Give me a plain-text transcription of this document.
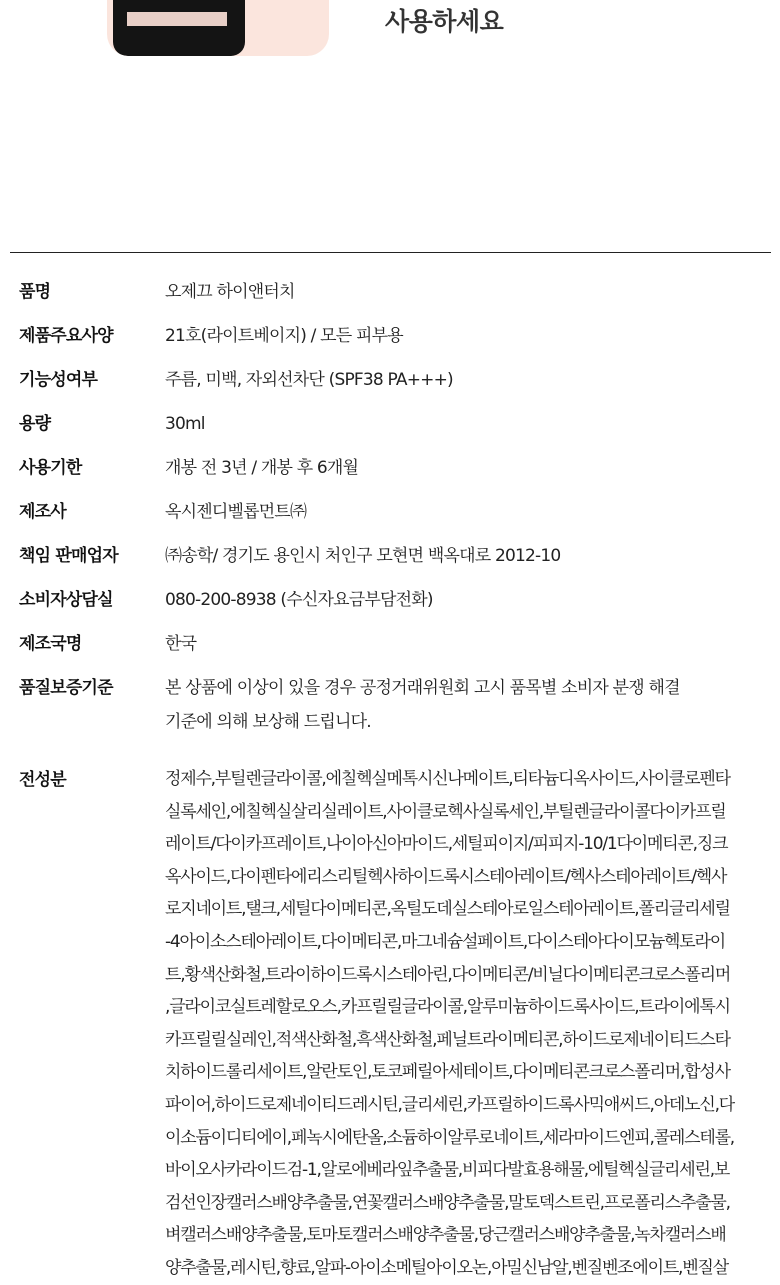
사용하세요
품명	오제끄 하이앤터치
제품주요사양	21호(라이트베이지) / 모든 피부용
기능성여부	주름, 미백, 자외선차단 (SPF38 PA+++)
용량	30ml
사용기한	개봉 전 3년 / 개봉 후 6개월
제조사	옥시젠디벨롭먼트㈜
책임 판매업자	㈜송학/ 경기도 용인시 처인구 모현면 백옥대로 2012-10
소비자상담실	080-200-8938 (수신자요금부담전화)
제조국명	한국
품질보증기준	본 상품에 이상이 있을 경우 공정거래위원회 고시 품목별 소비자 분쟁 해결
기준에 의해 보상해 드립니다.
전성분	정제수,부틸렌글라이콜,에칠헥실메톡시신나메이트,티타늄디옥사이드,사이클로펜타
실록세인,에칠헥실살리실레이트,사이클로헥사실록세인,부틸렌글라이콜다이카프릴
레이트/다이카프레이트,나이아신아마이드,세틸피이지/피피지-10/1다이메티콘,징크
옥사이드,다이펜타에리스리틸헥사하이드록시스테아레이트/헥사스테아레이트/헥사
로지네이트,탤크,세틸다이메티콘,옥틸도데실스테아로일스테아레이트,폴리글리세릴
-4아이소스테아레이트,다이메티콘,마그네슘설페이트,다이스테아다이모늄헥토라이
트,황색산화철,트라이하이드록시스테아린,다이메티콘/비닐다이메티콘크로스폴리머
,글라이코실트레할로오스,카프릴릴글라이콜,알루미늄하이드록사이드,트라이에톡시
카프릴릴실레인,적색산화철,흑색산화철,페닐트라이메티콘,하이드로제네이티드스타
치하이드롤리세이트,알란토인,토코페릴아세테이트,다이메티콘크로스폴리머,합성사
파이어,하이드로제네이티드레시틴,글리세린,카프릴하이드록사믹애씨드,아데노신,다
이소듐이디티에이,페녹시에탄올,소듐하이알루로네이트,세라마이드엔피,콜레스테롤,
바이오사카라이드검-1,알로에베라잎추출물,비피다발효용해물,에틸헥실글리세린,보
검선인장캘러스배양추출물,연꽃캘러스배양추출물,말토덱스트린,프로폴리스추출물,
벼캘러스배양추출물,토마토캘러스배양추출물,당근캘러스배양추출물,녹차캘러스배
양추출물,레시틴,향료,알파-아이소메틸아이오논,아밀신남알,벤질벤조에이트,벤질살
